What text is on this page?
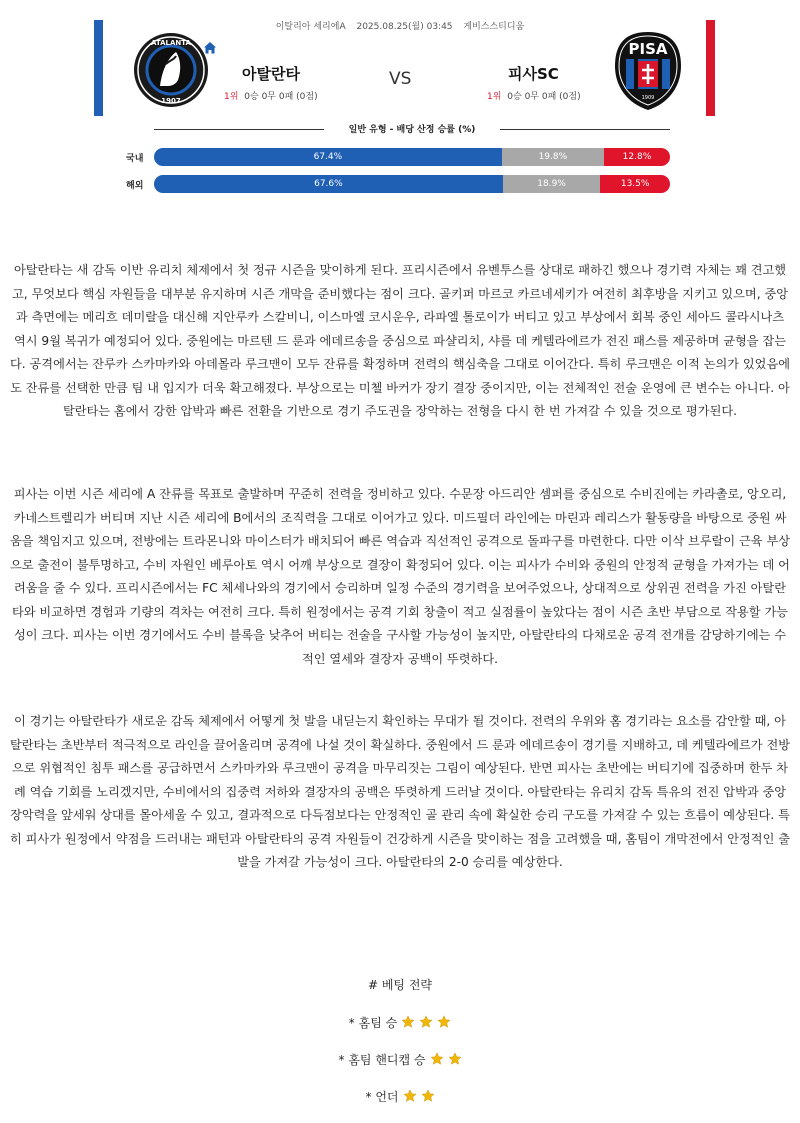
이탈리아 세리에A 2025.08.25(월) 03:45 게비스스티디움
ATALANTA
1907
아탈란타	VS	피사SC
1위 0승 0무 0패 (0점)	1위 0승 0무 0패 (0점)
PISA
1909
일반 유형 - 배당 산정 승률 (%)
국내	67.4%	19.8%	12.8%
해외	67.6%	18.9%	13.5%

아탈란타는 새 감독 이반 유리치 체제에서 첫 정규 시즌을 맞이하게 된다. 프리시즌에서 유벤투스를 상대로 패하긴 했으나 경기력 자체는 꽤 견고했고, 무엇보다 핵심 자원들을 대부분 유지하며 시즌 개막을 준비했다는 점이 크다. 골키퍼 마르코 카르네세키가 여전히 최후방을 지키고 있으며, 중앙과 측면에는 메리흐 데미랄을 대신해 지안루카 스칼비니, 이스마엘 코시운우, 라파엘 톨로이가 버티고 있고 부상에서 회복 중인 세아드 콜라시나츠 역시 9월 복귀가 예정되어 있다. 중원에는 마르텐 드 룬과 에데르송을 중심으로 파샬리치, 샤를 데 케텔라에르가 전진 패스를 제공하며 균형을 잡는다. 공격에서는 잔루카 스카마카와 아데몰라 루크맨이 모두 잔류를 확정하며 전력의 핵심축을 그대로 이어간다. 특히 루크맨은 이적 논의가 있었음에도 잔류를 선택한 만큼 팀 내 입지가 더욱 확고해졌다. 부상으로는 미첼 바커가 장기 결장 중이지만, 이는 전체적인 전술 운영에 큰 변수는 아니다. 아탈란타는 홈에서 강한 압박과 빠른 전환을 기반으로 경기 주도권을 장악하는 전형을 다시 한 번 가져갈 수 있을 것으로 평가된다.

피사는 이번 시즌 세리에 A 잔류를 목표로 출발하며 꾸준히 전력을 정비하고 있다. 수문장 아드리안 셈퍼를 중심으로 수비진에는 카라촐로, 앙오리, 카네스트렐리가 버티며 지난 시즌 세리에 B에서의 조직력을 그대로 이어가고 있다. 미드필더 라인에는 마린과 레리스가 활동량을 바탕으로 중원 싸움을 책임지고 있으며, 전방에는 트라몬니와 마이스터가 배치되어 빠른 역습과 직선적인 공격으로 돌파구를 마련한다. 다만 이삭 브루랄이 근육 부상으로 출전이 불투명하고, 수비 자원인 베루아토 역시 어깨 부상으로 결장이 확정되어 있다. 이는 피사가 수비와 중원의 안정적 균형을 가져가는 데 어려움을 줄 수 있다. 프리시즌에서는 FC 체세나와의 경기에서 승리하며 일정 수준의 경기력을 보여주었으나, 상대적으로 상위권 전력을 가진 아탈란타와 비교하면 경험과 기량의 격차는 여전히 크다. 특히 원정에서는 공격 기회 창출이 적고 실점률이 높았다는 점이 시즌 초반 부담으로 작용할 가능성이 크다. 피사는 이번 경기에서도 수비 블록을 낮추어 버티는 전술을 구사할 가능성이 높지만, 아탈란타의 다채로운 공격 전개를 감당하기에는 수적인 열세와 결장자 공백이 뚜렷하다.

이 경기는 아탈란타가 새로운 감독 체제에서 어떻게 첫 발을 내딛는지 확인하는 무대가 될 것이다. 전력의 우위와 홈 경기라는 요소를 감안할 때, 아탈란타는 초반부터 적극적으로 라인을 끌어올리며 공격에 나설 것이 확실하다. 중원에서 드 룬과 에데르송이 경기를 지배하고, 데 케텔라에르가 전방으로 위협적인 침투 패스를 공급하면서 스카마카와 루크맨이 공격을 마무리짓는 그림이 예상된다. 반면 피사는 초반에는 버티기에 집중하며 한두 차례 역습 기회를 노리겠지만, 수비에서의 집중력 저하와 결장자의 공백은 뚜렷하게 드러날 것이다. 아탈란타는 유리치 감독 특유의 전진 압박과 중앙 장악력을 앞세워 상대를 몰아세울 수 있고, 결과적으로 다득점보다는 안정적인 골 관리 속에 확실한 승리 구도를 가져갈 수 있는 흐름이 예상된다. 특히 피사가 원정에서 약점을 드러내는 패턴과 아탈란타의 공격 자원들이 건강하게 시즌을 맞이하는 점을 고려했을 때, 홈팀이 개막전에서 안정적인 출발을 가져갈 가능성이 크다. 아탈란타의 2-0 승리를 예상한다.

# 베팅 전략
* 홈팀 승
* 홈팀 핸디캡 승
* 언더
